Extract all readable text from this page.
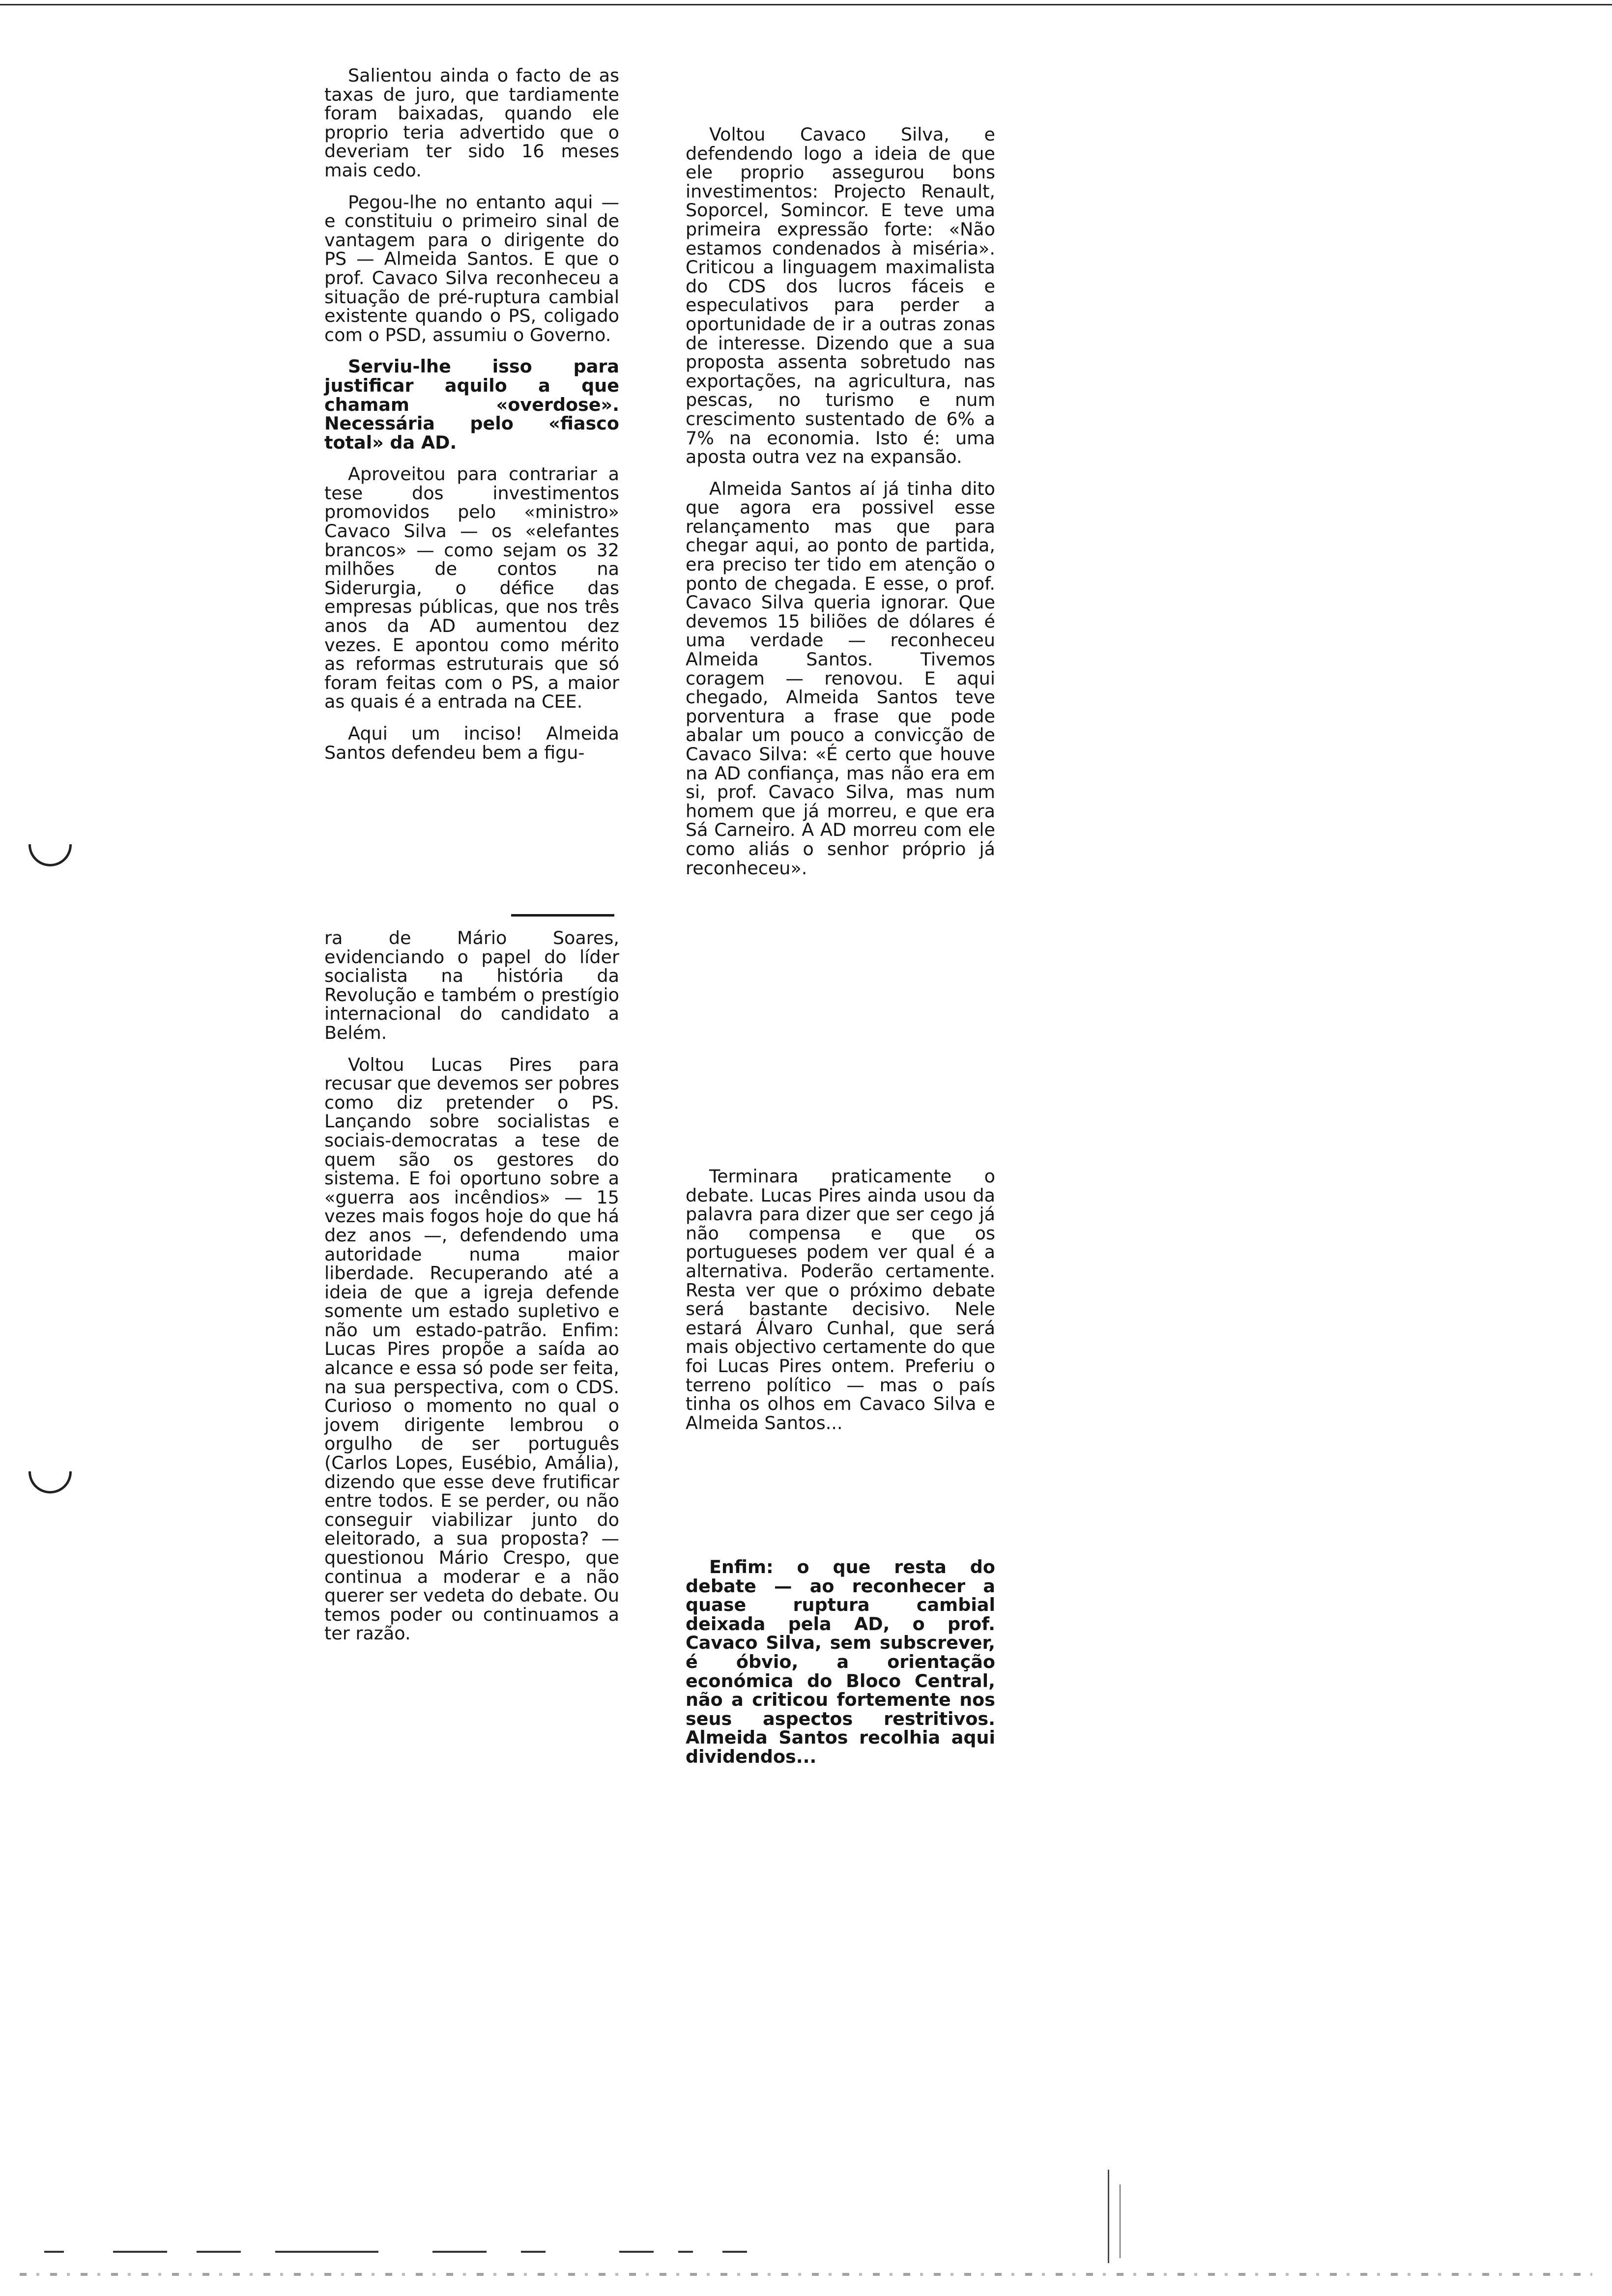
Salientou ainda o facto de as taxas de juro, que tardiamente foram baixadas, quando ele proprio teria advertido que o deveriam ter sido 16 meses mais cedo.

Pegou-lhe no entanto aqui — e constituiu o primeiro sinal de vantagem para o dirigente do PS — Almeida Santos. E que o prof. Cavaco Silva reconheceu a situação de pré-ruptura cambial existente quando o PS, coligado com o PSD, assumiu o Governo.

Serviu-lhe isso para justificar aquilo a que chamam «overdose». Necessária pelo «fiasco total» da AD.

Aproveitou para contrariar a tese dos investimentos promovidos pelo «ministro» Cavaco Silva — os «elefantes brancos» — como sejam os 32 milhões de contos na Siderurgia, o défice das empresas públicas, que nos três anos da AD aumentou dez vezes. E apontou como mérito as reformas estruturais que só foram feitas com o PS, a maior as quais é a entrada na CEE.

Aqui um inciso! Almeida Santos defendeu bem a figu-

ra de Mário Soares, evidenciando o papel do líder socialista na história da Revolução e também o prestígio internacional do candidato a Belém.

Voltou Lucas Pires para recusar que devemos ser pobres como diz pretender o PS. Lançando sobre socialistas e sociais-democratas a tese de quem são os gestores do sistema. E foi oportuno sobre a «guerra aos incêndios» — 15 vezes mais fogos hoje do que há dez anos —, defendendo uma autoridade numa maior liberdade. Recuperando até a ideia de que a igreja defende somente um estado supletivo e não um estado-patrão. Enfim: Lucas Pires propõe a saída ao alcance e essa só pode ser feita, na sua perspectiva, com o CDS. Curioso o momento no qual o jovem dirigente lembrou o orgulho de ser português (Carlos Lopes, Eusébio, Amália), dizendo que esse deve frutificar entre todos. E se perder, ou não conseguir viabilizar junto do eleitorado, a sua proposta? — questionou Mário Crespo, que continua a moderar e a não querer ser vedeta do debate. Ou temos poder ou continuamos a ter razão.

Voltou Cavaco Silva, e defendendo logo a ideia de que ele proprio assegurou bons investimentos: Projecto Renault, Soporcel, Somincor. E teve uma primeira expressão forte: «Não estamos condenados à miséria». Criticou a linguagem maximalista do CDS dos lucros fáceis e especulativos para perder a oportunidade de ir a outras zonas de interesse. Dizendo que a sua proposta assenta sobretudo nas exportações, na agricultura, nas pescas, no turismo e num crescimento sustentado de 6% a 7% na economia. Isto é: uma aposta outra vez na expansão.

Almeida Santos aí já tinha dito que agora era possivel esse relançamento mas que para chegar aqui, ao ponto de partida, era preciso ter tido em atenção o ponto de chegada. E esse, o prof. Cavaco Silva queria ignorar. Que devemos 15 biliões de dólares é uma verdade — reconheceu Almeida Santos. Tivemos coragem — renovou. E aqui chegado, Almeida Santos teve porventura a frase que pode abalar um pouco a convicção de Cavaco Silva: «É certo que houve na AD confiança, mas não era em si, prof. Cavaco Silva, mas num homem que já morreu, e que era Sá Carneiro. A AD morreu com ele como aliás o senhor próprio já reconheceu».

Terminara praticamente o debate. Lucas Pires ainda usou da palavra para dizer que ser cego já não compensa e que os portugueses podem ver qual é a alternativa. Poderão certamente. Resta ver que o próximo debate será bastante decisivo. Nele estará Álvaro Cunhal, que será mais objectivo certamente do que foi Lucas Pires ontem. Preferiu o terreno político — mas o país tinha os olhos em Cavaco Silva e Almeida Santos...

Enfim: o que resta do debate — ao reconhecer a quase ruptura cambial deixada pela AD, o prof. Cavaco Silva, sem subscrever, é óbvio, a orientação económica do Bloco Central, não a criticou fortemente nos seus aspectos restritivos. Almeida Santos recolhia aqui dividendos...
